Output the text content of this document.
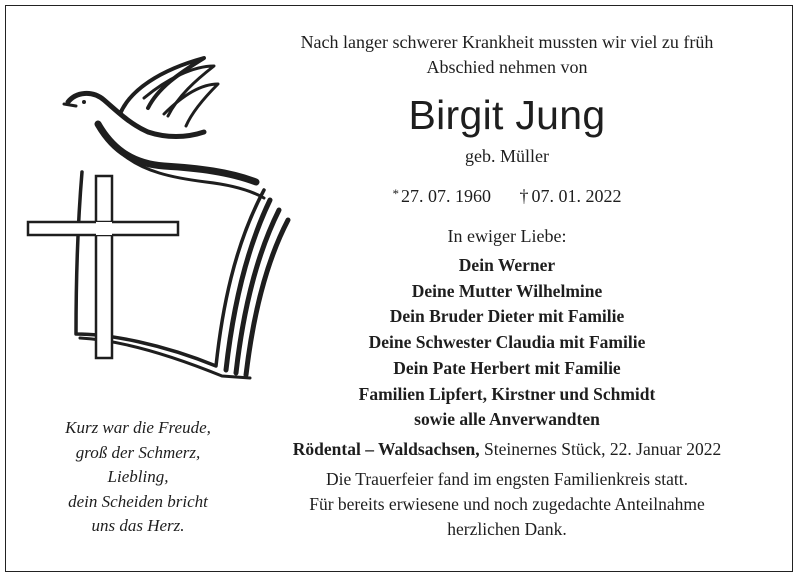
Kurz war die Freude,
groß der Schmerz,
Liebling,
dein Scheiden bricht
uns das Herz.
Nach langer schwerer Krankheit mussten wir viel zu früh
Abschied nehmen von
Birgit Jung
geb. Müller
* 27. 07. 1960 † 07. 01. 2022
In ewiger Liebe:
Dein Werner
Deine Mutter Wilhelmine
Dein Bruder Dieter mit Familie
Deine Schwester Claudia mit Familie
Dein Pate Herbert mit Familie
Familien Lipfert, Kirstner und Schmidt
sowie alle Anverwandten
Rödental – Waldsachsen, Steinernes Stück, 22. Januar 2022
Die Trauerfeier fand im engsten Familienkreis statt.
Für bereits erwiesene und noch zugedachte Anteilnahme
herzlichen Dank.
